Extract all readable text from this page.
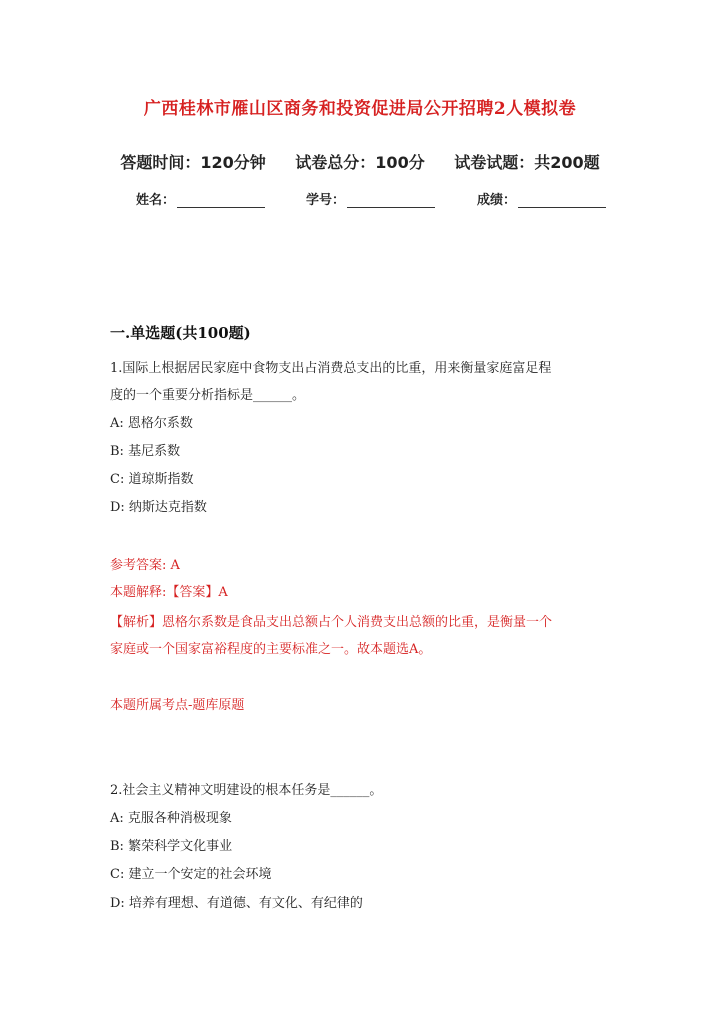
广西桂林市雁山区商务和投资促进局公开招聘2人模拟卷
答题时间：120分钟 试卷总分：100分 试卷试题：共200题
姓名：	学号：	成绩：
一.单选题(共100题)
1.国际上根据居民家庭中食物支出占消费总支出的比重，用来衡量家庭富足程
度的一个重要分析指标是______。
A: 恩格尔系数
B: 基尼系数
C: 道琼斯指数
D: 纳斯达克指数
参考答案: A
本题解释:【答案】A
【解析】恩格尔系数是食品支出总额占个人消费支出总额的比重，是衡量一个
家庭或一个国家富裕程度的主要标准之一。故本题选A。
本题所属考点-题库原题
2.社会主义精神文明建设的根本任务是______。
A: 克服各种消极现象
B: 繁荣科学文化事业
C: 建立一个安定的社会环境
D: 培养有理想、有道德、有文化、有纪律的
